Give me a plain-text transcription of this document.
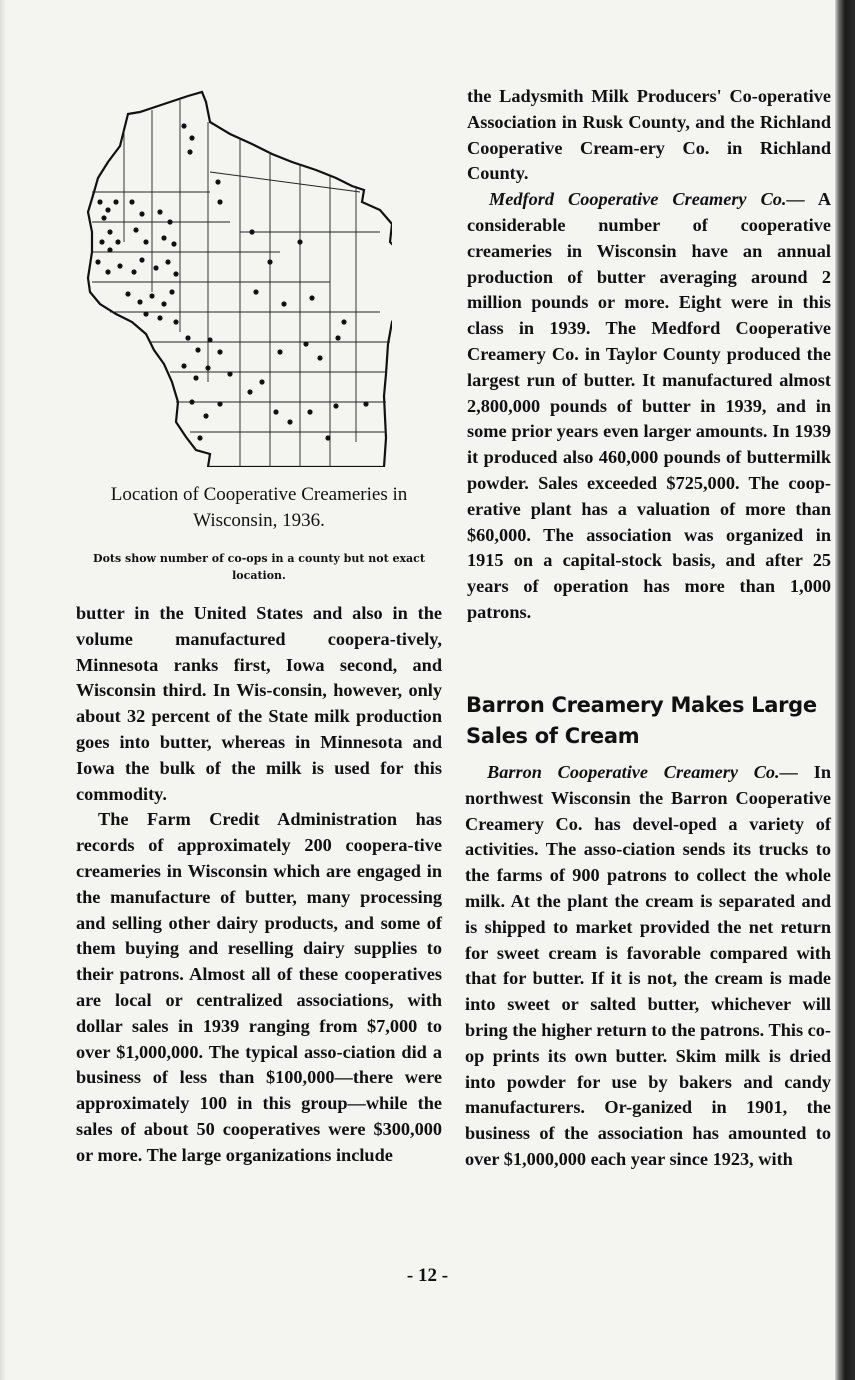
Location of Cooperative Creameries in Wisconsin, 1936.
Dots show number of co-ops in a county but not exact location.

butter in the United States and also in the volume manufactured coopera-tively, Minnesota ranks first, Iowa second, and Wisconsin third. In Wis-consin, however, only about 32 percent of the State milk production goes into butter, whereas in Minnesota and Iowa the bulk of the milk is used for this commodity.

The Farm Credit Administration has records of approximately 200 coopera-tive creameries in Wisconsin which are engaged in the manufacture of butter, many processing and selling other dairy products, and some of them buying and reselling dairy supplies to their patrons. Almost all of these cooperatives are local or centralized associations, with dollar sales in 1939 ranging from $7,000 to over $1,000,000. The typical asso-ciation did a business of less than $100,000—there were approximately 100 in this group—while the sales of about 50 cooperatives were $300,000 or more. The large organizations include

the Ladysmith Milk Producers' Co-operative Association in Rusk County, and the Richland Cooperative Cream-ery Co. in Richland County.

Medford Cooperative Creamery Co.— A considerable number of cooperative creameries in Wisconsin have an annual production of butter averaging around 2 million pounds or more. Eight were in this class in 1939. The Medford Cooperative Creamery Co. in Taylor County produced the largest run of butter. It manufactured almost 2,800,000 pounds of butter in 1939, and in some prior years even larger amounts. In 1939 it produced also 460,000 pounds of buttermilk powder. Sales exceeded $725,000. The coop-erative plant has a valuation of more than $60,000. The association was organized in 1915 on a capital-stock basis, and after 25 years of operation has more than 1,000 patrons.

Barron Creamery Makes Large Sales of Cream

Barron Cooperative Creamery Co.— In northwest Wisconsin the Barron Cooperative Creamery Co. has devel-oped a variety of activities. The asso-ciation sends its trucks to the farms of 900 patrons to collect the whole milk. At the plant the cream is separated and is shipped to market provided the net return for sweet cream is favorable compared with that for butter. If it is not, the cream is made into sweet or salted butter, whichever will bring the higher return to the patrons. This co-op prints its own butter. Skim milk is dried into powder for use by bakers and candy manufacturers. Or-ganized in 1901, the business of the association has amounted to over $1,000,000 each year since 1923, with

- 12 -
